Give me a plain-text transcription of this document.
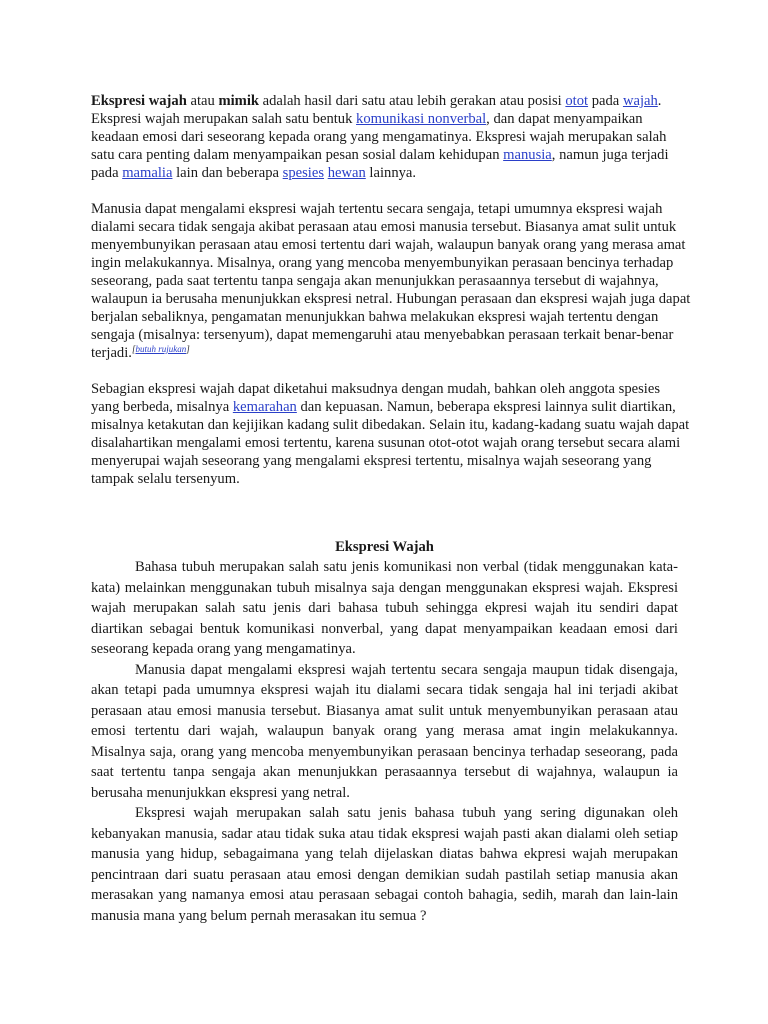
Ekspresi wajah atau mimik adalah hasil dari satu atau lebih gerakan atau posisi otot pada wajah. Ekspresi wajah merupakan salah satu bentuk komunikasi nonverbal, dan dapat menyampaikan keadaan emosi dari seseorang kepada orang yang mengamatinya. Ekspresi wajah merupakan salah satu cara penting dalam menyampaikan pesan sosial dalam kehidupan manusia, namun juga terjadi pada mamalia lain dan beberapa spesies hewan lainnya.

Manusia dapat mengalami ekspresi wajah tertentu secara sengaja, tetapi umumnya ekspresi wajah dialami secara tidak sengaja akibat perasaan atau emosi manusia tersebut. Biasanya amat sulit untuk menyembunyikan perasaan atau emosi tertentu dari wajah, walaupun banyak orang yang merasa amat ingin melakukannya. Misalnya, orang yang mencoba menyembunyikan perasaan bencinya terhadap seseorang, pada saat tertentu tanpa sengaja akan menunjukkan perasaannya tersebut di wajahnya, walaupun ia berusaha menunjukkan ekspresi netral. Hubungan perasaan dan ekspresi wajah juga dapat berjalan sebaliknya, pengamatan menunjukkan bahwa melakukan ekspresi wajah tertentu dengan sengaja (misalnya: tersenyum), dapat memengaruhi atau menyebabkan perasaan terkait benar-benar terjadi.[butuh rujukan]

Sebagian ekspresi wajah dapat diketahui maksudnya dengan mudah, bahkan oleh anggota spesies yang berbeda, misalnya kemarahan dan kepuasan. Namun, beberapa ekspresi lainnya sulit diartikan, misalnya ketakutan dan kejijikan kadang sulit dibedakan. Selain itu, kadang-kadang suatu wajah dapat disalahartikan mengalami emosi tertentu, karena susunan otot-otot wajah orang tersebut secara alami menyerupai wajah seseorang yang mengalami ekspresi tertentu, misalnya wajah seseorang yang tampak selalu tersenyum.

Ekspresi Wajah

Bahasa tubuh merupakan salah satu jenis komunikasi non verbal (tidak menggunakan kata-kata) melainkan menggunakan tubuh misalnya saja dengan menggunakan ekspresi wajah. Ekspresi wajah merupakan salah satu jenis dari bahasa tubuh sehingga ekpresi wajah itu sendiri dapat diartikan sebagai bentuk komunikasi nonverbal, yang dapat menyampaikan keadaan emosi dari seseorang kepada orang yang mengamatinya.

Manusia dapat mengalami ekspresi wajah tertentu secara sengaja maupun tidak disengaja, akan tetapi pada umumnya ekspresi wajah itu dialami secara tidak sengaja hal ini terjadi akibat perasaan atau emosi manusia tersebut. Biasanya amat sulit untuk menyembunyikan perasaan atau emosi tertentu dari wajah, walaupun banyak orang yang merasa amat ingin melakukannya. Misalnya saja, orang yang mencoba menyembunyikan perasaan bencinya terhadap seseorang, pada saat tertentu tanpa sengaja akan menunjukkan perasaannya tersebut di wajahnya, walaupun ia berusaha menunjukkan ekspresi yang netral.

Ekspresi wajah merupakan salah satu jenis bahasa tubuh yang sering digunakan oleh kebanyakan manusia, sadar atau tidak suka atau tidak ekspresi wajah pasti akan dialami oleh setiap manusia yang hidup, sebagaimana yang telah dijelaskan diatas bahwa ekpresi wajah merupakan pencintraan dari suatu perasaan atau emosi dengan demikian sudah pastilah setiap manusia akan merasakan yang namanya emosi atau perasaan sebagai contoh bahagia, sedih, marah dan lain-lain manusia mana yang belum pernah merasakan itu semua ?
